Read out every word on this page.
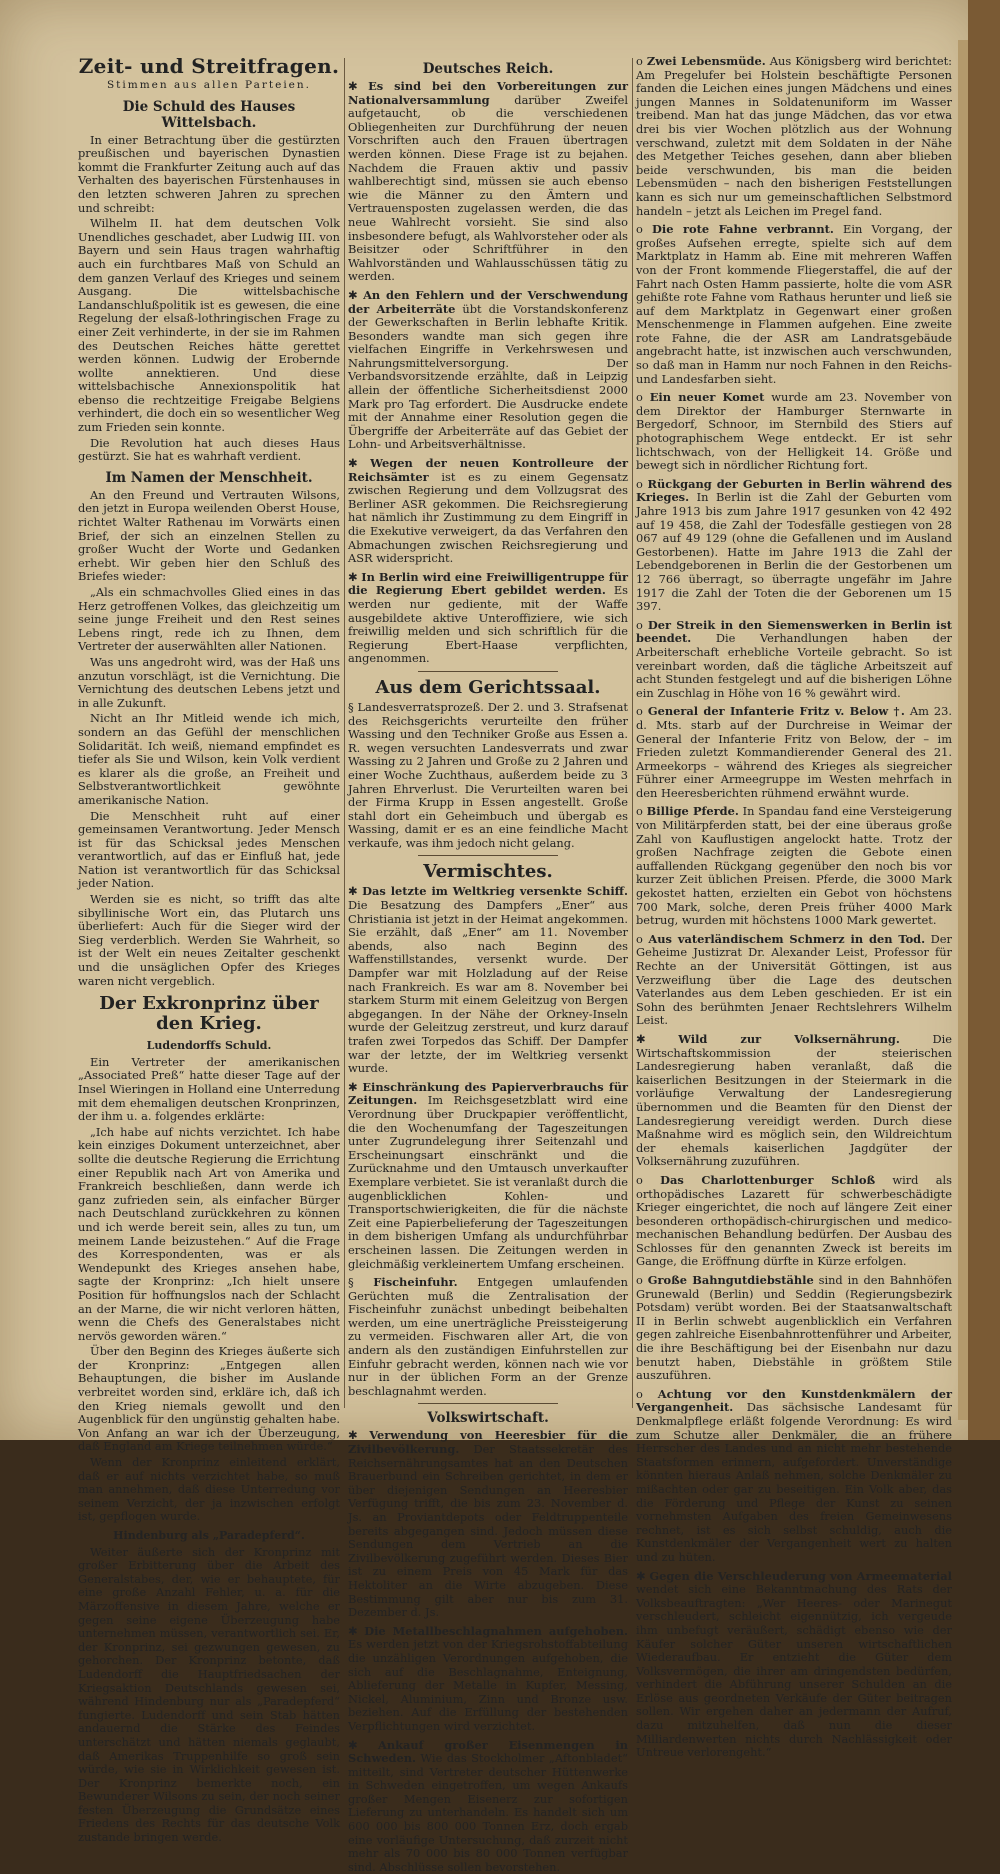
Zeit- und Streitfragen.
Stimmen aus allen Parteien.
Die Schuld des Hauses Wittelsbach.

In einer Betrachtung über die gestürzten preußischen und bayerischen Dynastien kommt die Frankfurter Zeitung auch auf das Verhalten des bayerischen Fürstenhauses in den letzten schweren Jahren zu sprechen und schreibt:

Wilhelm II. hat dem deutschen Volk Unendliches geschadet, aber Ludwig III. von Bayern und sein Haus tragen wahrhaftig auch ein furchtbares Maß von Schuld an dem ganzen Verlauf des Krieges und seinem Ausgang. Die wittelsbachische Landanschlußpolitik ist es gewesen, die eine Regelung der elsaß-lothringischen Frage zu einer Zeit verhinderte, in der sie im Rahmen des Deutschen Reiches hätte gerettet werden können. Ludwig der Erobernde wollte annektieren. Und diese wittelsbachische Annexionspolitik hat ebenso die rechtzeitige Freigabe Belgiens verhindert, die doch ein so wesentlicher Weg zum Frieden sein konnte.

Die Revolution hat auch dieses Haus gestürzt. Sie hat es wahrhaft verdient.

Im Namen der Menschheit.

An den Freund und Vertrauten Wilsons, den jetzt in Europa weilenden Oberst House, richtet Walter Rathenau im Vorwärts einen Brief, der sich an einzelnen Stellen zu großer Wucht der Worte und Gedanken erhebt. Wir geben hier den Schluß des Briefes wieder:

„Als ein schmachvolles Glied eines in das Herz getroffenen Volkes, das gleichzeitig um seine junge Freiheit und den Rest seines Lebens ringt, rede ich zu Ihnen, dem Vertreter der auserwählten aller Nationen.

Was uns angedroht wird, was der Haß uns anzutun vorschlägt, ist die Vernichtung. Die Vernichtung des deutschen Lebens jetzt und in alle Zukunft.

Nicht an Ihr Mitleid wende ich mich, sondern an das Gefühl der menschlichen Solidarität. Ich weiß, niemand empfindet es tiefer als Sie und Wilson, kein Volk verdient es klarer als die große, an Freiheit und Selbstverantwortlichkeit gewöhnte amerikanische Nation.

Die Menschheit ruht auf einer gemeinsamen Verantwortung. Jeder Mensch ist für das Schicksal jedes Menschen verantwortlich, auf das er Einfluß hat, jede Nation ist verantwortlich für das Schicksal jeder Nation.

Werden sie es nicht, so trifft das alte sibyllinische Wort ein, das Plutarch uns überliefert: Auch für die Sieger wird der Sieg verderblich. Werden Sie Wahrheit, so ist der Welt ein neues Zeitalter geschenkt und die unsäglichen Opfer des Krieges waren nicht vergeblich.

Der Exkronprinz über den Krieg.
Ludendorffs Schuld.

Ein Vertreter der amerikanischen „Associated Preß“ hatte dieser Tage auf der Insel Wieringen in Holland eine Unterredung mit dem ehemaligen deutschen Kronprinzen, der ihm u. a. folgendes erklärte:

„Ich habe auf nichts verzichtet. Ich habe kein einziges Dokument unterzeichnet, aber sollte die deutsche Regierung die Errichtung einer Republik nach Art von Amerika und Frankreich beschließen, dann werde ich ganz zufrieden sein, als einfacher Bürger nach Deutschland zurückkehren zu können und ich werde bereit sein, alles zu tun, um meinem Lande beizustehen.“ Auf die Frage des Korrespondenten, was er als Wendepunkt des Krieges ansehen habe, sagte der Kronprinz: „Ich hielt unsere Position für hoffnungslos nach der Schlacht an der Marne, die wir nicht verloren hätten, wenn die Chefs des Generalstabes nicht nervös geworden wären.“

Über den Beginn des Krieges äußerte sich der Kronprinz: „Entgegen allen Behauptungen, die bisher im Auslande verbreitet worden sind, erkläre ich, daß ich den Krieg niemals gewollt und den Augenblick für den ungünstig gehalten habe. Von Anfang an war ich der Überzeugung, daß England am Kriege teilnehmen würde.“

Wenn der Kronprinz einleitend erklärt, daß er auf nichts verzichtet habe, so muß man annehmen, daß diese Unterredung vor seinem Verzicht, der ja inzwischen erfolgt ist, gepflogen wurde.

Hindenburg als „Paradepferd“.

Weiter äußerte sich der Kronprinz mit großer Erbitterung über die Arbeit des Generalstabes, der, wie er behauptete, für eine große Anzahl Fehler, u. a. für die Märzoffensive in diesem Jahre, welche er gegen seine eigene Überzeugung habe unternehmen müssen, verantwortlich sei. Er, der Kronprinz, sei gezwungen gewesen, zu gehorchen. Der Kronprinz betonte, daß Ludendorff die Hauptfriedsachen der Kriegsaktion Deutschlands gewesen sei, während Hindenburg nur als „Paradepferd“ fungierte. Ludendorff und sein Stab hätten andauernd die Stärke des Feindes unterschätzt und hätten niemals geglaubt, daß Amerikas Truppenhilfe so groß sein würde, wie sie in Wirklichkeit gewesen ist. Der Kronprinz bemerkte noch, ein Bewunderer Wilsons zu sein, der noch seiner festen Überzeugung die Grundsätze eines Friedens des Rechts für das deutsche Volk zustande bringen werde.

Deutsches Reich.
✱ Es sind bei den Vorbereitungen zur Nationalversammlung darüber Zweifel aufgetaucht, ob die verschiedenen Obliegenheiten zur Durchführung der neuen Vorschriften auch den Frauen übertragen werden können. Diese Frage ist zu bejahen. Nachdem die Frauen aktiv und passiv wahlberechtigt sind, müssen sie auch ebenso wie die Männer zu den Ämtern und Vertrauensposten zugelassen werden, die das neue Wahlrecht vorsieht. Sie sind also insbesondere befugt, als Wahlvorsteher oder als Beisitzer oder Schriftführer in den Wahlvorständen und Wahlausschüssen tätig zu werden.
✱ An den Fehlern und der Verschwendung der Arbeiterräte übt die Vorstandskonferenz der Gewerkschaften in Berlin lebhafte Kritik. Besonders wandte man sich gegen ihre vielfachen Eingriffe in Verkehrswesen und Nahrungsmittelversorgung. Der Verbandsvorsitzende erzählte, daß in Leipzig allein der öffentliche Sicherheitsdienst 2000 Mark pro Tag erfordert. Die Ausdrucke endete mit der Annahme einer Resolution gegen die Übergriffe der Arbeiterräte auf das Gebiet der Lohn- und Arbeitsverhältnisse.
✱ Wegen der neuen Kontrolleure der Reichsämter ist es zu einem Gegensatz zwischen Regierung und dem Vollzugsrat des Berliner ASR gekommen. Die Reichsregierung hat nämlich ihr Zustimmung zu dem Eingriff in die Exekutive verweigert, da das Verfahren den Abmachungen zwischen Reichsregierung und ASR widerspricht.
✱ In Berlin wird eine Freiwilligentruppe für die Regierung Ebert gebildet werden. Es werden nur gediente, mit der Waffe ausgebildete aktive Unteroffiziere, wie sich freiwillig melden und sich schriftlich für die Regierung Ebert-Haase verpflichten, angenommen.
Aus dem Gerichtssaal.
§ Landesverratsprozeß. Der 2. und 3. Strafsenat des Reichsgerichts verurteilte den früher Wassing und den Techniker Große aus Essen a. R. wegen versuchten Landesverrats und zwar Wassing zu 2 Jahren und Große zu 2 Jahren und einer Woche Zuchthaus, außerdem beide zu 3 Jahren Ehrverlust. Die Verurteilten waren bei der Firma Krupp in Essen angestellt. Große stahl dort ein Geheimbuch und übergab es Wassing, damit er es an eine feindliche Macht verkaufe, was ihm jedoch nicht gelang.
Vermischtes.
✱ Das letzte im Weltkrieg versenkte Schiff. Die Besatzung des Dampfers „Ener“ aus Christiania ist jetzt in der Heimat angekommen. Sie erzählt, daß „Ener“ am 11. November abends, also nach Beginn des Waffenstillstandes, versenkt wurde. Der Dampfer war mit Holzladung auf der Reise nach Frankreich. Es war am 8. November bei starkem Sturm mit einem Geleitzug von Bergen abgegangen. In der Nähe der Orkney-Inseln wurde der Geleitzug zerstreut, und kurz darauf trafen zwei Torpedos das Schiff. Der Dampfer war der letzte, der im Weltkrieg versenkt wurde.
✱ Einschränkung des Papierverbrauchs für Zeitungen. Im Reichsgesetzblatt wird eine Verordnung über Druckpapier veröffentlicht, die den Wochenumfang der Tageszeitungen unter Zugrundelegung ihrer Seitenzahl und Erscheinungsart einschränkt und die Zurücknahme und den Umtausch unverkaufter Exemplare verbietet. Sie ist veranlaßt durch die augenblicklichen Kohlen- und Transportschwierigkeiten, die für die nächste Zeit eine Papierbelieferung der Tageszeitungen in dem bisherigen Umfang als undurchführbar erscheinen lassen. Die Zeitungen werden in gleichmäßig verkleinertem Umfang erscheinen.
§ Fischeinfuhr. Entgegen umlaufenden Gerüchten muß die Zentralisation der Fischeinfuhr zunächst unbedingt beibehalten werden, um eine unerträgliche Preissteigerung zu vermeiden. Fischwaren aller Art, die von andern als den zuständigen Einfuhrstellen zur Einfuhr gebracht werden, können nach wie vor nur in der üblichen Form an der Grenze beschlagnahmt werden.
Volkswirtschaft.
✱ Verwendung von Heeresbier für die Zivilbevölkerung. Der Staatssekretär des Reichsernährungsamtes hat an den Deutschen Brauerbund ein Schreiben gerichtet, in dem er über diejenigen Sendungen an Heeresbier Verfügung trifft, die bis zum 23. November d. Js. an Proviantdepots oder Feldtruppenteile bereits abgegangen sind. Jedoch müssen diese Sendungen dem Vertrieb an die Zivilbevölkerung zugeführt werden. Dieses Bier ist zu einem Preis von 45 Mark für das Hektoliter an die Wirte abzugeben. Diese Bestimmung gilt aber nur bis zum 31. Dezember d. Js.
✱ Die Metallbeschlagnahmen aufgehoben. Es werden jetzt von der Kriegsrohstoffabteilung die unzähligen Verordnungen aufgehoben, die sich auf die Beschlagnahme, Enteignung, Ablieferung der Metalle in Kupfer, Messing, Nickel, Aluminium, Zinn und Bronze usw. beziehen. Auf die Erfüllung der bestehenden Verpflichtungen wird verzichtet.
✱ Ankauf großer Eisenmengen in Schweden. Wie das Stockholmer „Aftonbladet“ mitteilt, sind Vertreter deutscher Hüttenwerke in Schweden eingetroffen, um wegen Ankaufs großer Mengen Eisenerz zur sofortigen Lieferung zu unterhandeln. Es handelt sich um 600 000 bis 800 000 Tonnen Erz, doch ergab eine vorläufige Untersuchung, daß zurzeit nicht mehr als 70 000 bis 80 000 Tonnen verfügbar sind. Abschlüsse sollen bevorstehen.
o Zwei Lebensmüde. Aus Königsberg wird berichtet: Am Pregelufer bei Holstein beschäftigte Personen fanden die Leichen eines jungen Mädchens und eines jungen Mannes in Soldatenuniform im Wasser treibend. Man hat das junge Mädchen, das vor etwa drei bis vier Wochen plötzlich aus der Wohnung verschwand, zuletzt mit dem Soldaten in der Nähe des Metgether Teiches gesehen, dann aber blieben beide verschwunden, bis man die beiden Lebensmüden – nach den bisherigen Feststellungen kann es sich nur um gemeinschaftlichen Selbstmord handeln – jetzt als Leichen im Pregel fand.
o Die rote Fahne verbrannt. Ein Vorgang, der großes Aufsehen erregte, spielte sich auf dem Marktplatz in Hamm ab. Eine mit mehreren Waffen von der Front kommende Fliegerstaffel, die auf der Fahrt nach Osten Hamm passierte, holte die vom ASR gehißte rote Fahne vom Rathaus herunter und ließ sie auf dem Marktplatz in Gegenwart einer großen Menschenmenge in Flammen aufgehen. Eine zweite rote Fahne, die der ASR am Landratsgebäude angebracht hatte, ist inzwischen auch verschwunden, so daß man in Hamm nur noch Fahnen in den Reichs- und Landesfarben sieht.
o Ein neuer Komet wurde am 23. November von dem Direktor der Hamburger Sternwarte in Bergedorf, Schnoor, im Sternbild des Stiers auf photographischem Wege entdeckt. Er ist sehr lichtschwach, von der Helligkeit 14. Größe und bewegt sich in nördlicher Richtung fort.
o Rückgang der Geburten in Berlin während des Krieges. In Berlin ist die Zahl der Geburten vom Jahre 1913 bis zum Jahre 1917 gesunken von 42 492 auf 19 458, die Zahl der Todesfälle gestiegen von 28 067 auf 49 129 (ohne die Gefallenen und im Ausland Gestorbenen). Hatte im Jahre 1913 die Zahl der Lebendgeborenen in Berlin die der Gestorbenen um 12 766 überragt, so überragte ungefähr im Jahre 1917 die Zahl der Toten die der Geborenen um 15 397.
o Der Streik in den Siemenswerken in Berlin ist beendet. Die Verhandlungen haben der Arbeiterschaft erhebliche Vorteile gebracht. So ist vereinbart worden, daß die tägliche Arbeitszeit auf acht Stunden festgelegt und auf die bisherigen Löhne ein Zuschlag in Höhe von 16 % gewährt wird.
o General der Infanterie Fritz v. Below †. Am 23. d. Mts. starb auf der Durchreise in Weimar der General der Infanterie Fritz von Below, der – im Frieden zuletzt Kommandierender General des 21. Armeekorps – während des Krieges als siegreicher Führer einer Armeegruppe im Westen mehrfach in den Heeresberichten rühmend erwähnt wurde.
o Billige Pferde. In Spandau fand eine Versteigerung von Militärpferden statt, bei der eine überaus große Zahl von Kauflustigen angelockt hatte. Trotz der großen Nachfrage zeigten die Gebote einen auffallenden Rückgang gegenüber den noch bis vor kurzer Zeit üblichen Preisen. Pferde, die 3000 Mark gekostet hatten, erzielten ein Gebot von höchstens 700 Mark, solche, deren Preis früher 4000 Mark betrug, wurden mit höchstens 1000 Mark gewertet.
o Aus vaterländischem Schmerz in den Tod. Der Geheime Justizrat Dr. Alexander Leist, Professor für Rechte an der Universität Göttingen, ist aus Verzweiflung über die Lage des deutschen Vaterlandes aus dem Leben geschieden. Er ist ein Sohn des berühmten Jenaer Rechtslehrers Wilhelm Leist.
✱ Wild zur Volksernährung.	Die Wirtschaftskommission der steierischen Landesregierung haben veranlaßt, daß die kaiserlichen Besitzungen in der Steiermark in die vorläufige Verwaltung der Landesregierung übernommen und die Beamten für den Dienst der Landesregierung vereidigt werden. Durch diese Maßnahme wird es möglich sein, den Wildreichtum der ehemals kaiserlichen Jagdgüter der Volksernährung zuzuführen.
o Das Charlottenburger Schloß wird als orthopädisches Lazarett für schwerbeschädigte Krieger eingerichtet, die noch auf längere Zeit einer besonderen orthopädisch-chirurgischen und medico-mechanischen Behandlung bedürfen. Der Ausbau des Schlosses für den genannten Zweck ist bereits im Gange, die Eröffnung dürfte in Kürze erfolgen.
o Große Bahngutdiebstähle sind in den Bahnhöfen Grunewald (Berlin) und Seddin (Regierungsbezirk Potsdam) verübt worden. Bei der Staatsanwaltschaft II in Berlin schwebt augenblicklich ein Verfahren gegen zahlreiche Eisenbahnrottenführer und Arbeiter, die ihre Beschäftigung bei der Eisenbahn nur dazu benutzt haben, Diebstähle in größtem Stile auszuführen.
o Achtung vor den Kunstdenkmälern der Vergangenheit. Das sächsische Landesamt für Denkmalpflege erläßt folgende Verordnung: Es wird zum Schutze aller Denkmäler, die an frühere Herrscher des Landes und an nicht mehr bestehende Staatsformen erinnern, aufgefordert. Unverständige könnten hieraus Anlaß nehmen, solche Denkmäler zu mißachten oder gar zu beseitigen. Ein Volk aber, das die Förderung und Pflege der Kunst zu seinen vornehmsten Aufgaben des freien Gemeinwesens rechnet, ist es sich selbst schuldig, auch die Kunstdenkmäler der Vergangenheit wert zu halten und zu hüten.
✱ Gegen die Verschleuderung von Armeematerial wendet sich eine Bekanntmachung des Rats der Volksbeauftragten: „Wer Heeres- oder Marinegut verschleudert, schleicht eigennützig, ich vergeude ihm unbefugt veräußert, schädigt ebenso wie der Käufer solcher Güter unseren wirtschaftlichen Wiederaufbau. Er entzieht die Güter dem Volksvermögen, die ihrer am dringendsten bedürfen, verhindert die Abführung unserer Schulden an die Erlöse aus geordneten Verkäufe der Güter beitragen sollen. Wir ergehen daher an jedermann der Aufruf, dazu mitzuhelfen, daß nun die dieser Milliardenwerten nichts durch Nachlässigkeit oder Untreue verlorengeht.“
